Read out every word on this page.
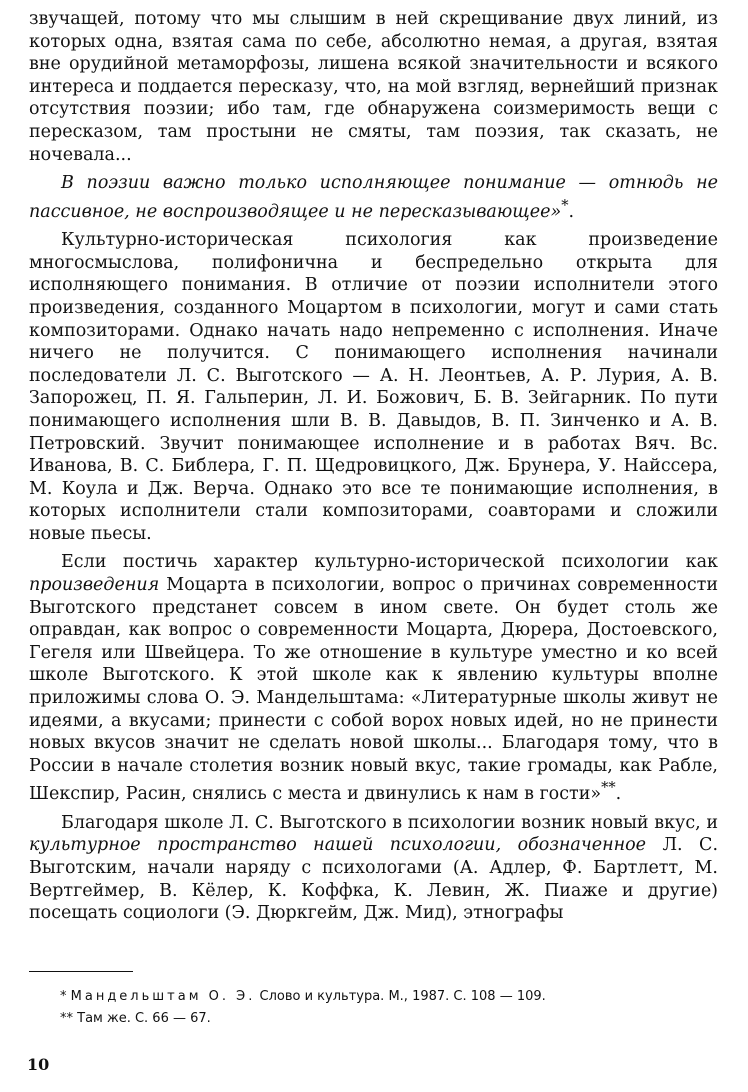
звучащей, потому что мы слышим в ней скрещивание двух линий, из которых одна, взятая сама по себе, абсолютно немая, а другая, взятая вне орудийной метаморфозы, лишена всякой значительности и всякого интереса и поддается пересказу, что, на мой взгляд, вернейший признак отсутствия поэзии; ибо там, где обнаружена соизмеримость вещи с пересказом, там простыни не смяты, там поэзия, так сказать, не ночевала...

В поэзии важно только исполняющее понимание — отнюдь не пассивное, не воспроизводящее и не пересказывающее»*.

Культурно-историческая психология как произведение многосмыслова, полифонична и беспредельно открыта для исполняющего понимания. В отличие от поэзии исполнители этого произведения, созданного Моцартом в психологии, могут и сами стать композиторами. Однако начать надо непременно с исполнения. Иначе ничего не получится. С понимающего исполнения начинали последователи Л. С. Выготского — А. Н. Леонтьев, А. Р. Лурия, А. В. Запорожец, П. Я. Гальперин, Л. И. Божович, Б. В. Зейгарник. По пути понимающего исполнения шли В. В. Давыдов, В. П. Зинченко и А. В. Петровский. Звучит понимающее исполнение и в работах Вяч. Вс. Иванова, В. С. Библера, Г. П. Щедровицкого, Дж. Брунера, У. Найссера, М. Коула и Дж. Верча. Однако это все те понимающие исполнения, в которых исполнители стали композиторами, соавторами и сложили новые пьесы.

Если постичь характер культурно-исторической психологии как произведения Моцарта в психологии, вопрос о причинах современности Выготского предстанет совсем в ином свете. Он будет столь же оправдан, как вопрос о современности Моцарта, Дюрера, Достоевского, Гегеля или Швейцера. То же отношение в культуре уместно и ко всей школе Выготского. К этой школе как к явлению культуры вполне приложимы слова О. Э. Мандельштама: «Литературные школы живут не идеями, а вкусами; принести с собой ворох новых идей, но не принести новых вкусов значит не сделать новой школы... Благодаря тому, что в России в начале столетия возник новый вкус, такие громады, как Рабле, Шекспир, Расин, снялись с места и двинулись к нам в гости»**.

Благодаря школе Л. С. Выготского в психологии возник новый вкус, и культурное пространство нашей психологии, обозначенное Л. С. Выготским, начали наряду с психологами (А. Адлер, Ф. Бартлетт, М. Вертгеймер, В. Кёлер, К. Коффка, К. Левин, Ж. Пиаже и другие) посещать социологи (Э. Дюркгейм, Дж. Мид), этнографы

* Мандельштам О. Э. Слово и культура. М., 1987. С. 108 — 109.

** Там же. С. 66 — 67.

10
